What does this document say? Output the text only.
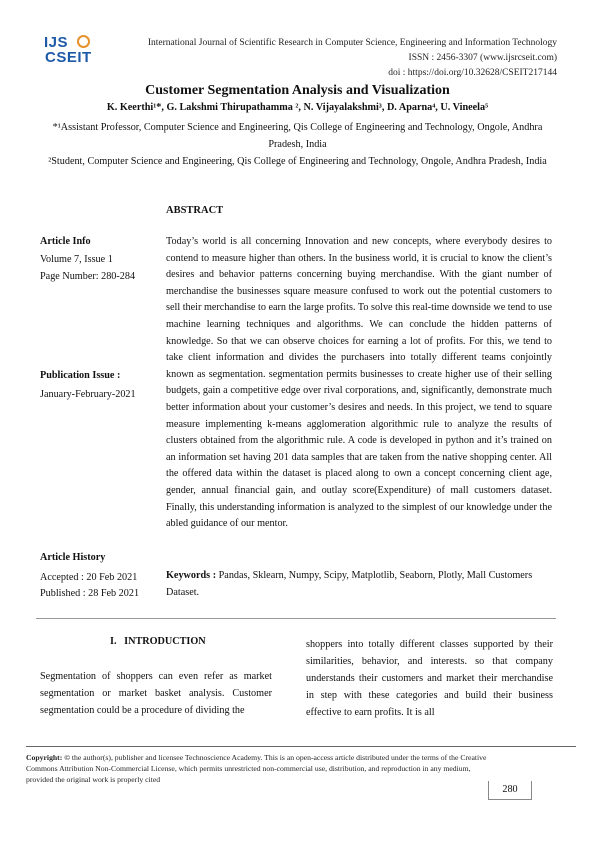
IJS
CSEIT
International Journal of Scientific Research in Computer Science, Engineering and Information Technology
ISSN : 2456-3307 (www.ijsrcseit.com)
doi : https://doi.org/10.32628/CSEIT217144
Customer Segmentation Analysis and Visualization
K. Keerthi¹*, G. Lakshmi Thirupathamma ², N. Vijayalakshmi³, D. Aparna⁴, U. Vineela⁵
*¹Assistant Professor, Computer Science and Engineering, Qis College of Engineering and Technology, Ongole, Andhra Pradesh, India
²Student, Computer Science and Engineering, Qis College of Engineering and Technology, Ongole, Andhra Pradesh, India
ABSTRACT
Article Info
Volume 7, Issue 1
Page Number: 280-284
Publication Issue :
January-February-2021
Article History
Accepted : 20 Feb 2021
Published : 28 Feb 2021
Today’s world is all concerning Innovation and new concepts, where everybody desires to contend to measure higher than others. In the business world, it is crucial to know the client’s desires and behavior patterns concerning buying merchandise. With the giant number of merchandise the businesses square measure confused to work out the potential customers to sell their merchandise to earn the large profits. To solve this real-time downside we tend to use machine learning techniques and algorithms. We can conclude the hidden patterns of knowledge. So that we can observe choices for earning a lot of profits. For this, we tend to take client information and divides the purchasers into totally different teams conjointly known as segmentation. segmentation permits businesses to create higher use of their selling budgets, gain a competitive edge over rival corporations, and, significantly, demonstrate much better information about your customer’s desires and needs. In this project, we tend to square measure implementing k-means agglomeration algorithmic rule to analyze the results of clusters obtained from the algorithmic rule. A code is developed in python and it’s trained on an information set having 201 data samples that are taken from the native shopping center. All the offered data within the dataset is placed along to own a concept concerning client age, gender, annual financial gain, and outlay score(Expenditure) of mall customers dataset. Finally, this understanding information is analyzed to the simplest of our knowledge under the abled guidance of our mentor.
Keywords : Pandas, Sklearn, Numpy, Scipy, Matplotlib, Seaborn, Plotly, Mall Customers Dataset.
I.   INTRODUCTION
Segmentation of shoppers can even refer as market segmentation or market basket analysis. Customer segmentation could be a procedure of dividing the
shoppers into totally different classes supported by their similarities, behavior, and interests. so that company understands their customers and market their merchandise in step with these categories and build their business effective to earn profits. It is all
Copyright: © the author(s), publisher and licensee Technoscience Academy. This is an open-access article distributed under the terms of the Creative Commons Attribution Non-Commercial License, which permits unrestricted non-commercial use, distribution, and reproduction in any medium, provided the original work is properly cited
280
